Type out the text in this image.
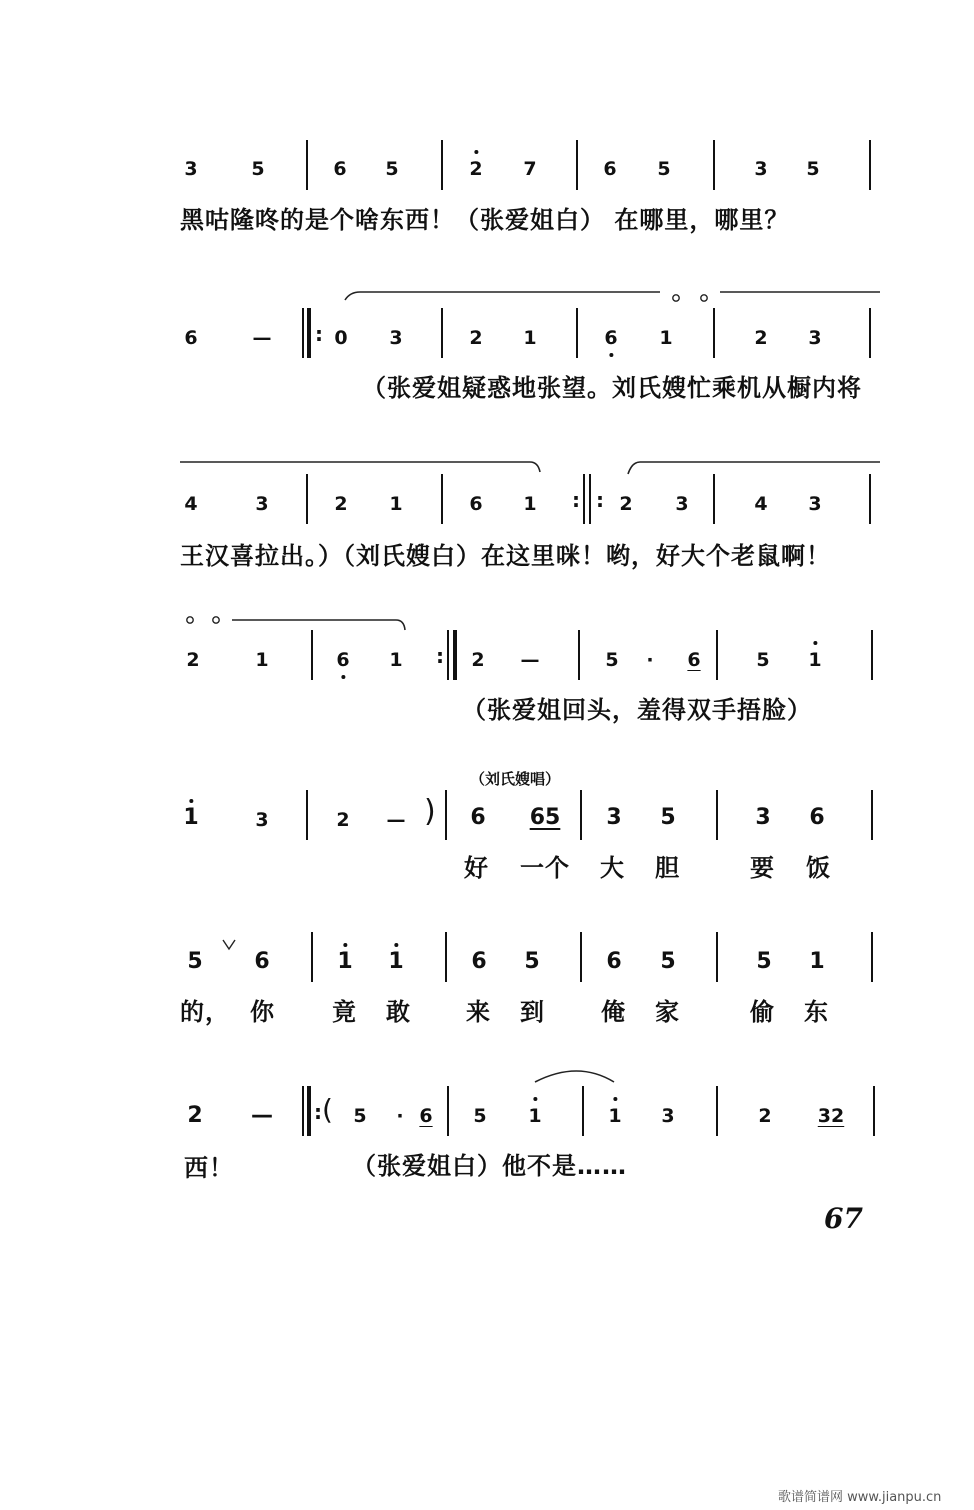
3	5	6 5	2 7	6 5	3 5
黑咕隆咚的是个啥东西！（张爱姐白） 在哪里，哪里？
6	— : 0 3	2 1	6 1	2 3
（张爱姐疑惑地张望。刘氏嫂忙乘机从橱内将
4	3	2 1	6 1 : : 2 3	4 3
王汉喜拉出。）（刘氏嫂白）在这里咪！哟，好大个老鼠啊！
2	1	6 1 : 2 —	5 · 6	5 1
（张爱姐回头，羞得双手捂脸）
（刘氏嫂唱）
1	3	2 — ) 6 65 3 5	3 6
好 一个 大 胆	要 饭
5 6	1 1	6 5	6 5	5 1
的， 你 竟 敢 来 到 俺 家	偷 东
2 — : ( 5 · 6 5 1	1 3	2 32
西！	（张爱姐白）他不是……
67
歌谱简谱网 www.jianpu.cn
